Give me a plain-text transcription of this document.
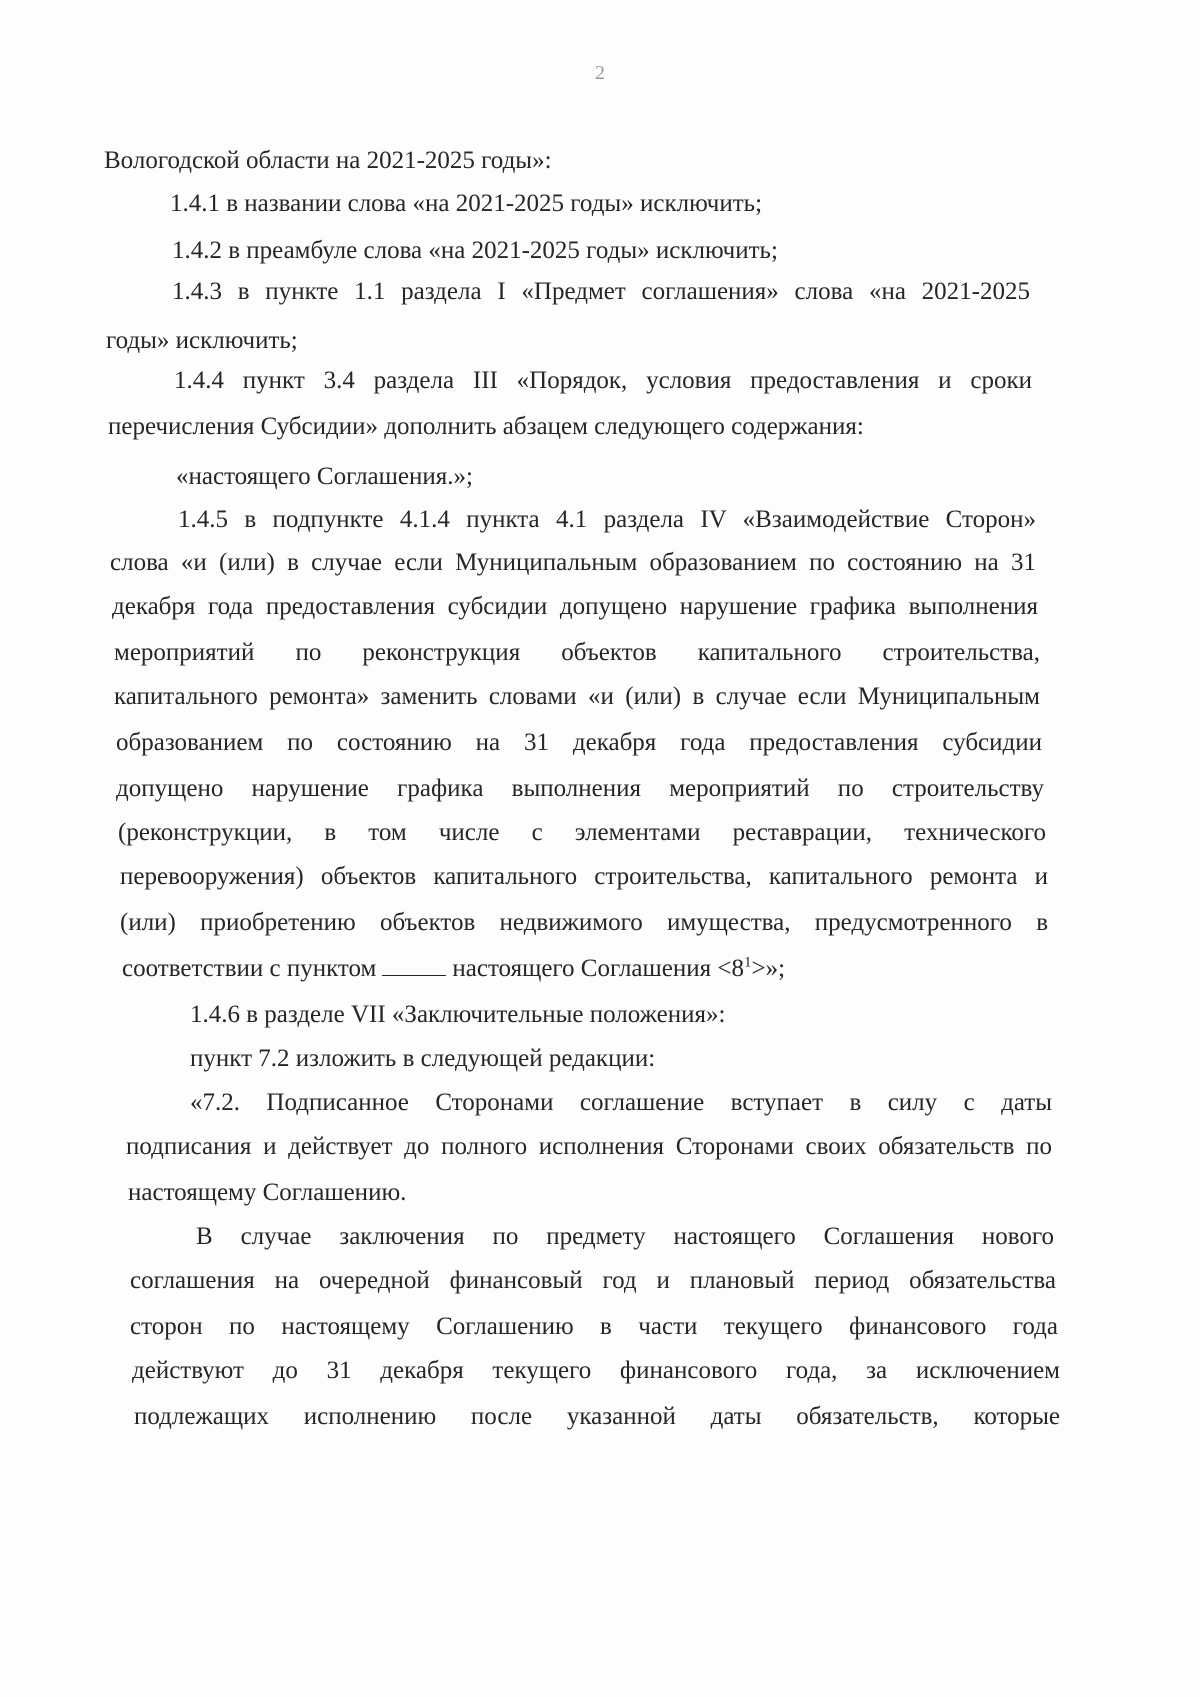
2
Вологодской области на 2021-2025 годы»:
1.4.1 в названии слова «на 2021-2025 годы» исключить;
1.4.2 в преамбуле слова «на 2021-2025 годы» исключить;
1.4.3 в пункте 1.1 раздела I «Предмет соглашения» слова «на 2021-2025
годы» исключить;
1.4.4 пункт 3.4 раздела III «Порядок, условия предоставления и сроки
перечисления Субсидии» дополнить абзацем следующего содержания:
«настоящего Соглашения.»;
1.4.5 в подпункте 4.1.4 пункта 4.1 раздела IV «Взаимодействие Сторон»
слова «и (или) в случае если Муниципальным образованием по состоянию на 31
декабря года предоставления субсидии допущено нарушение графика выполнения
мероприятий по реконструкция объектов капитального строительства,
капитального ремонта» заменить словами «и (или) в случае если Муниципальным
образованием по состоянию на 31 декабря года предоставления субсидии
допущено нарушение графика выполнения мероприятий по строительству
(реконструкции, в том числе с элементами реставрации, технического
перевооружения) объектов капитального строительства, капитального ремонта и
(или) приобретению объектов недвижимого имущества, предусмотренного в
соответствии с пунктом	настоящего Соглашения $<8^1>$»;
1.4.6 в разделе VII «Заключительные положения»:
пункт 7.2 изложить в следующей редакции:
«7.2. Подписанное Сторонами соглашение вступает в силу с даты
подписания и действует до полного исполнения Сторонами своих обязательств по
настоящему Соглашению.
В случае заключения по предмету настоящего Соглашения нового
соглашения на очередной финансовый год и плановый период обязательства
сторон по настоящему Соглашению в части текущего финансового года
действуют до 31 декабря текущего финансового года, за исключением
подлежащих исполнению после указанной даты обязательств, которые
